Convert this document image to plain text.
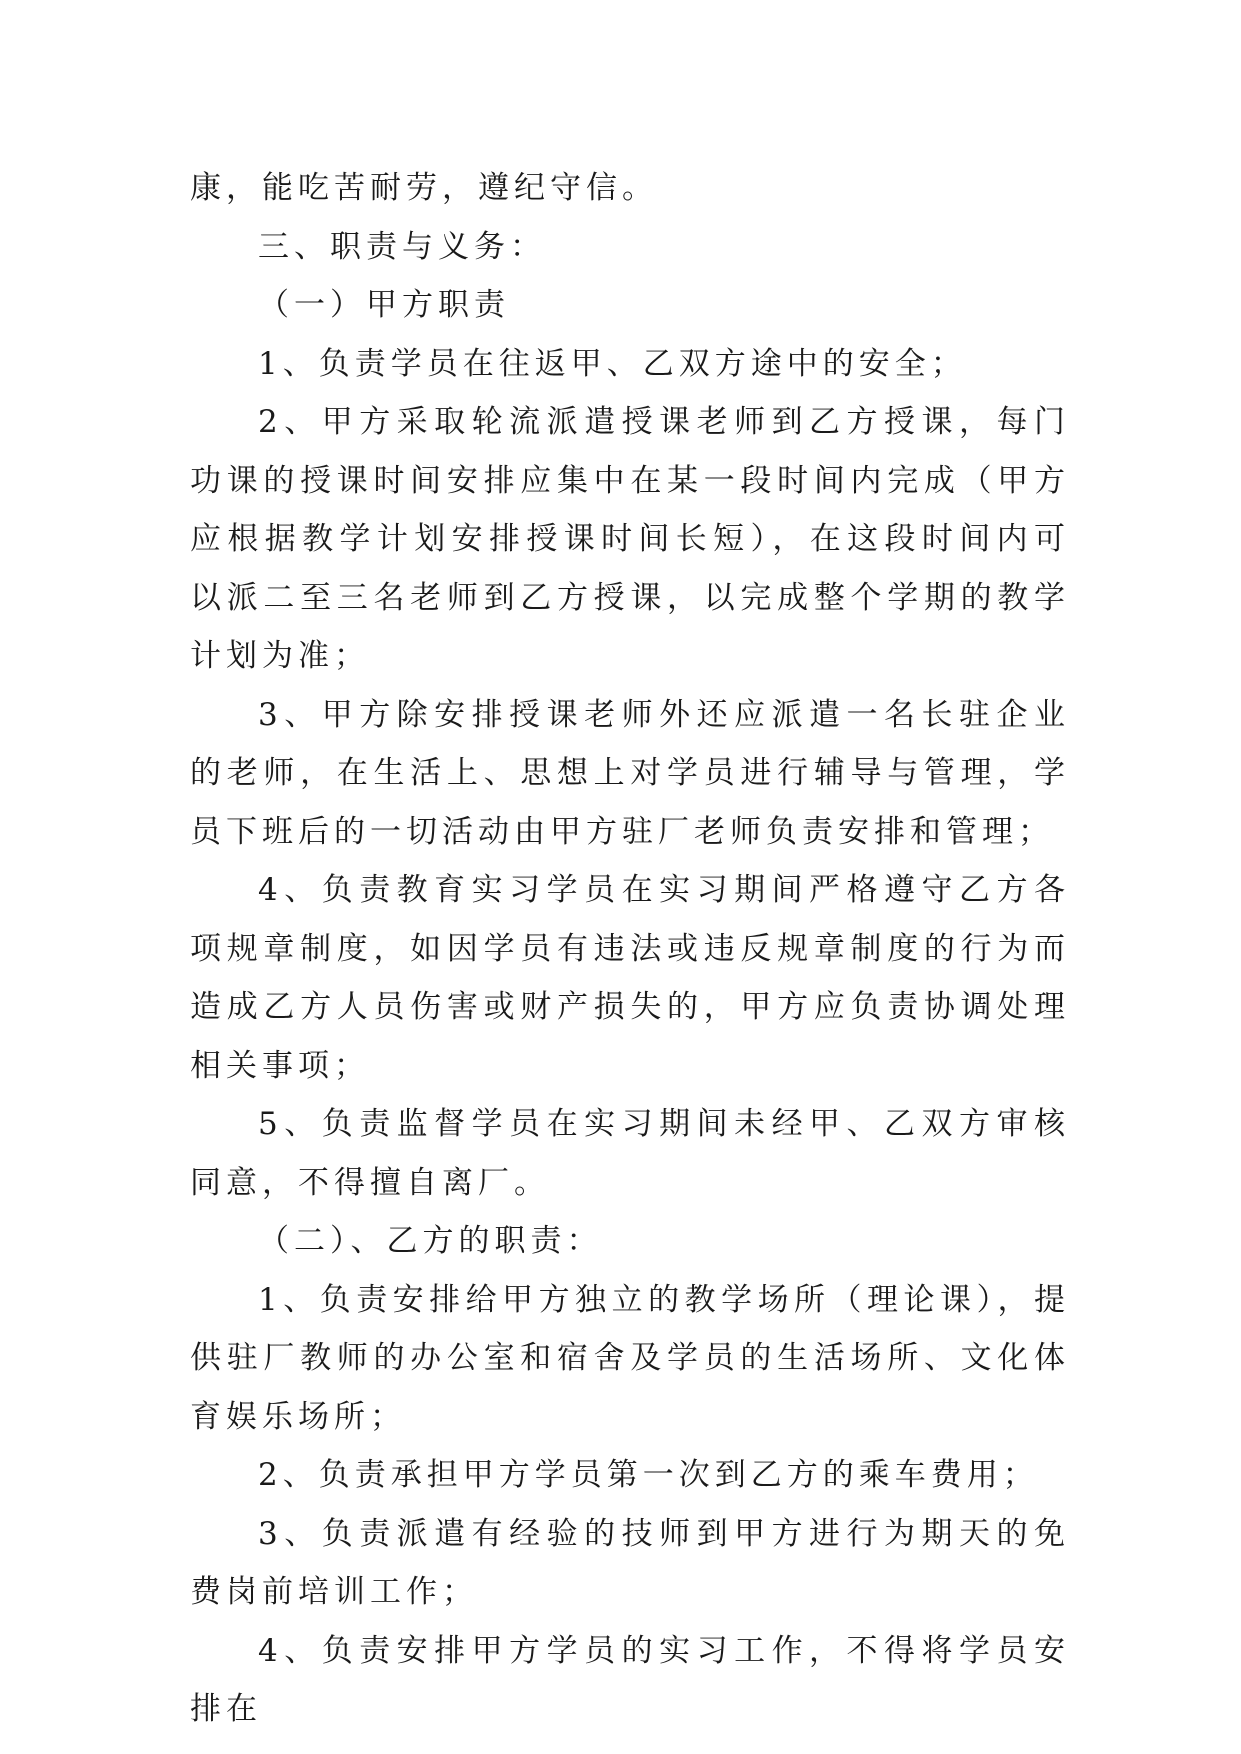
康，能吃苦耐劳，遵纪守信。

三、职责与义务：

（一）甲方职责

1、负责学员在往返甲、乙双方途中的安全；

2、甲方采取轮流派遣授课老师到乙方授课，每门功课的授课时间安排应集中在某一段时间内完成（甲方应根据教学计划安排授课时间长短），在这段时间内可以派二至三名老师到乙方授课，以完成整个学期的教学计划为准；

3、甲方除安排授课老师外还应派遣一名长驻企业的老师，在生活上、思想上对学员进行辅导与管理，学员下班后的一切活动由甲方驻厂老师负责安排和管理；

4、负责教育实习学员在实习期间严格遵守乙方各项规章制度，如因学员有违法或违反规章制度的行为而造成乙方人员伤害或财产损失的，甲方应负责协调处理相关事项；

5、负责监督学员在实习期间未经甲、乙双方审核同意，不得擅自离厂。

（二）、乙方的职责：

1、负责安排给甲方独立的教学场所（理论课），提供驻厂教师的办公室和宿舍及学员的生活场所、文化体育娱乐场所；

2、负责承担甲方学员第一次到乙方的乘车费用；

3、负责派遣有经验的技师到甲方进行为期天的免费岗前培训工作；

4、负责安排甲方学员的实习工作，不得将学员安排在
